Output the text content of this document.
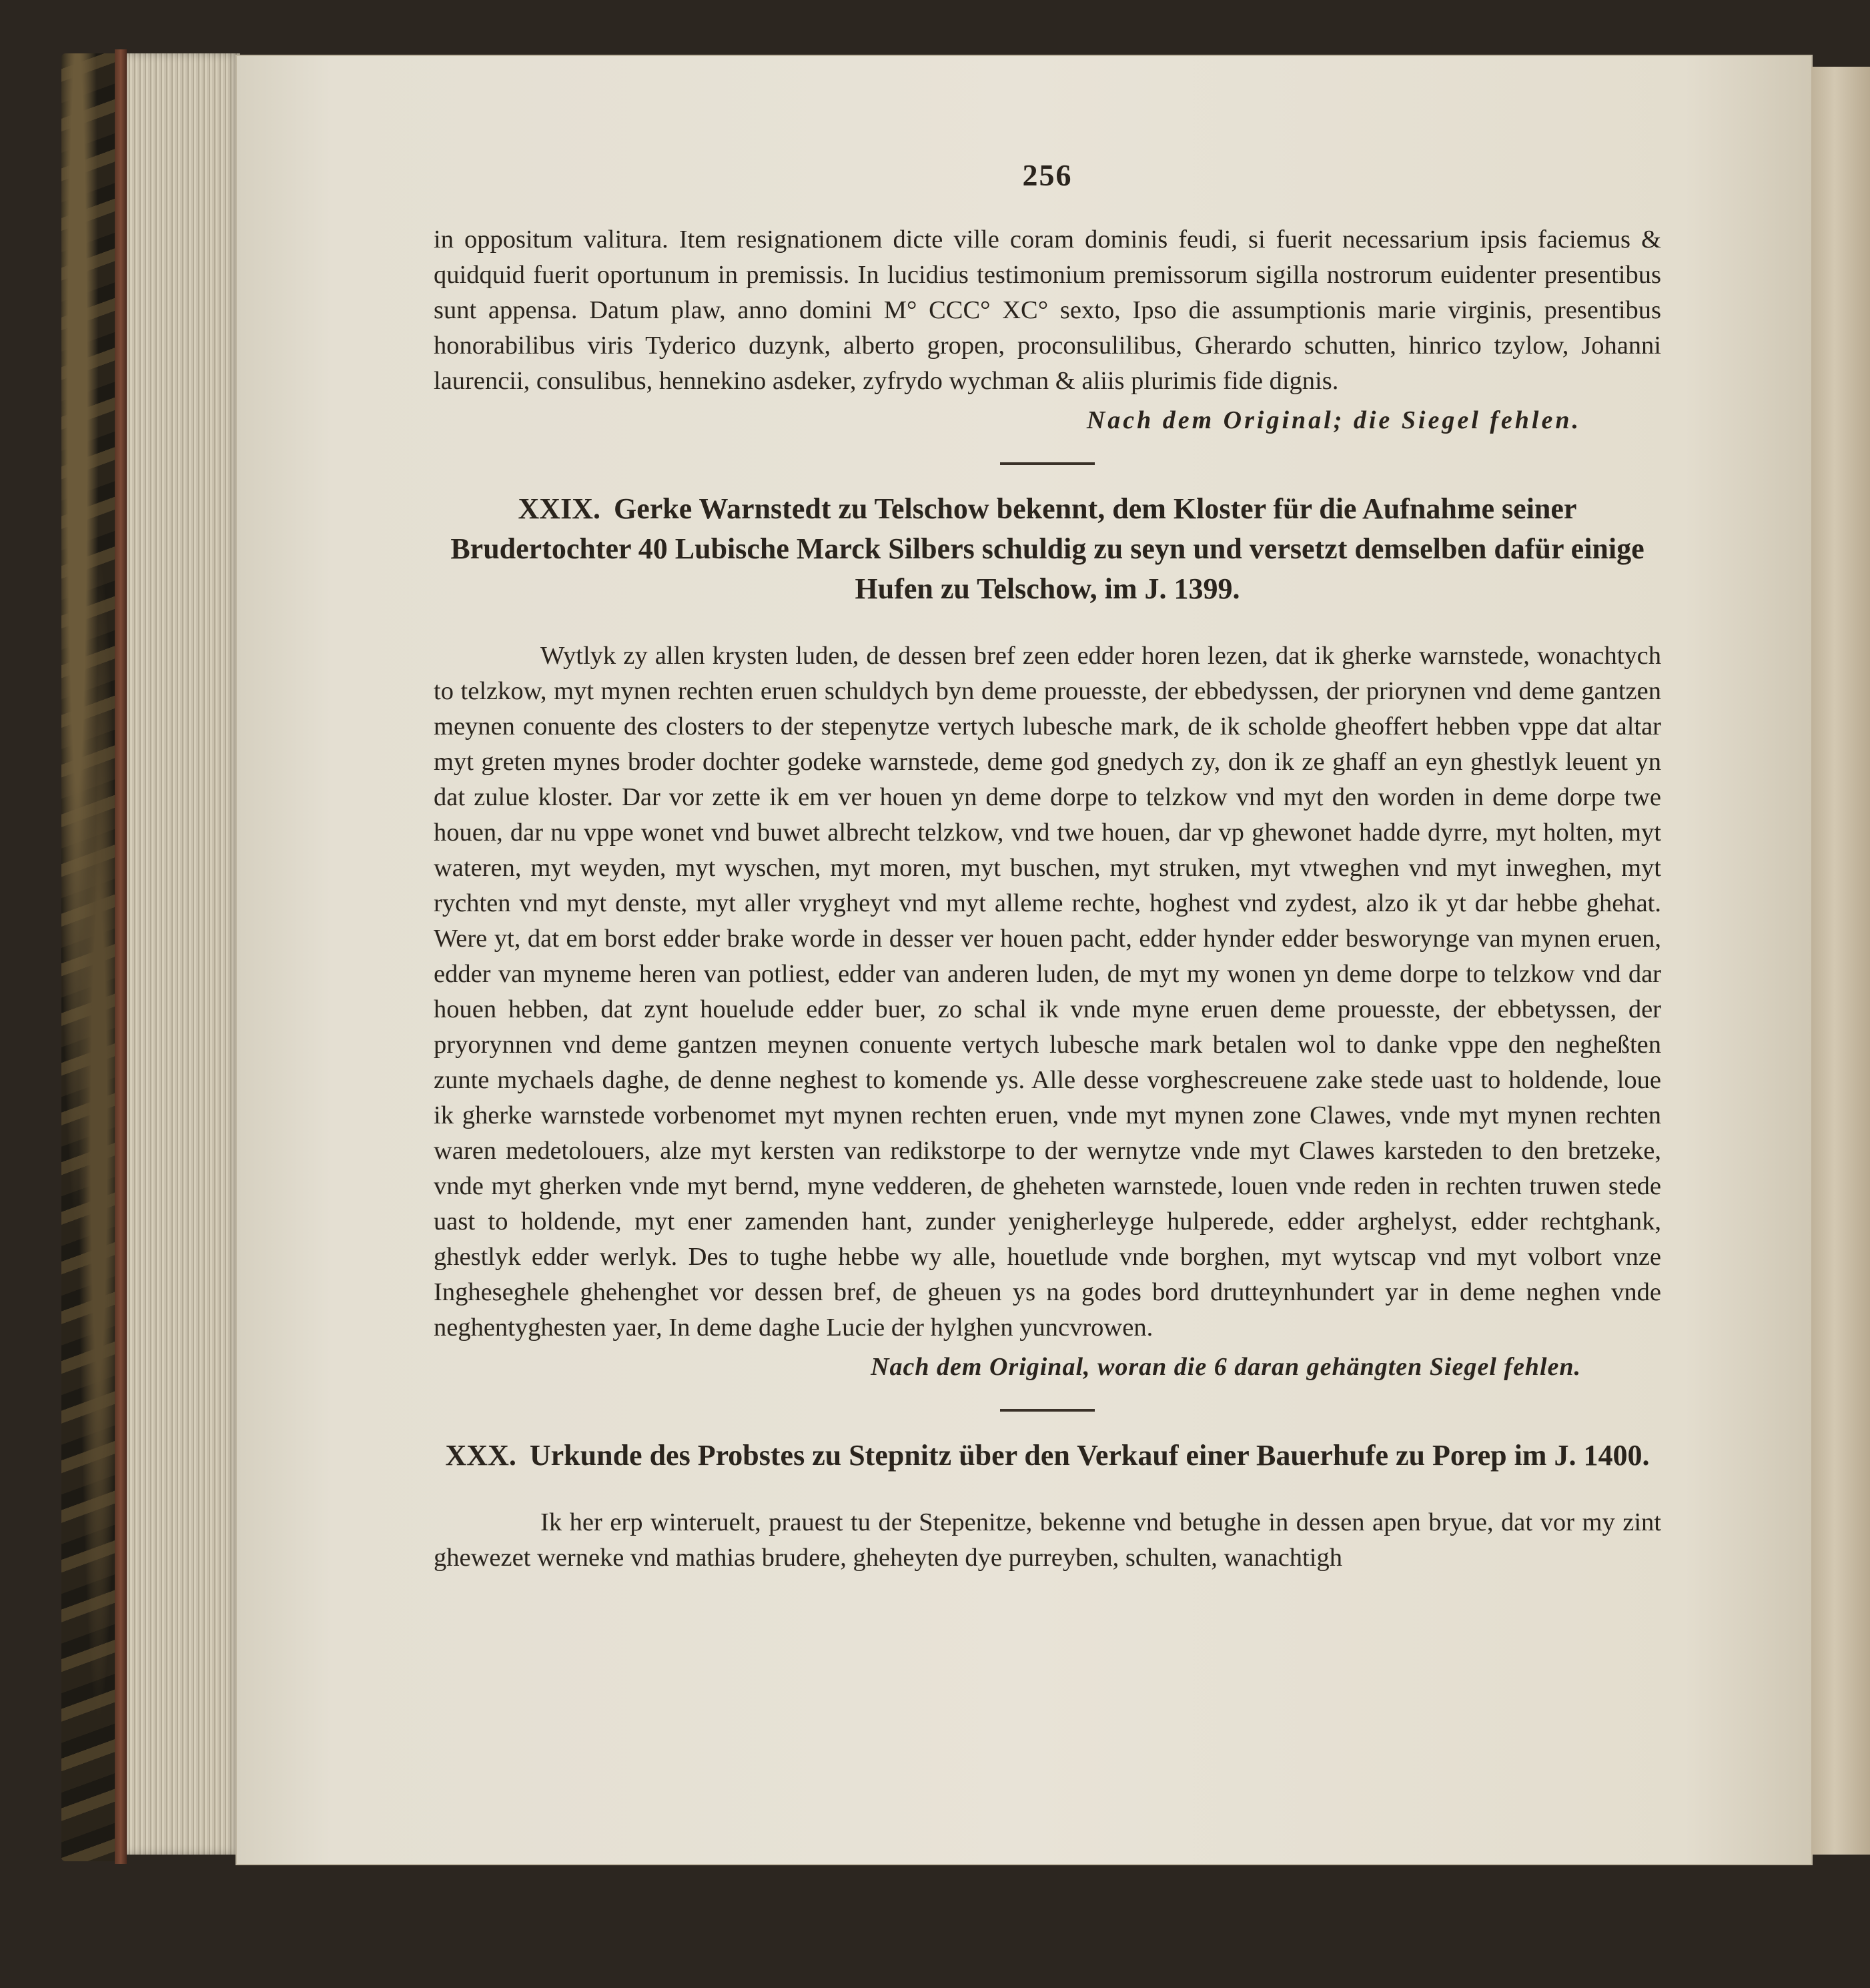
256

in oppositum valitura. Item resignationem dicte ville coram dominis feudi, si fuerit necessarium ipsis faciemus & quidquid fuerit oportunum in premissis. In lucidius testimonium premissorum sigilla nostrorum euidenter presentibus sunt appensa. Datum plaw, anno domini M° CCC° XC° sexto, Ipso die assumptionis marie virginis, presentibus honorabilibus viris Tyderico duzynk, alberto gropen, proconsulilibus, Gherardo schutten, hinrico tzylow, Johanni laurencii, consulibus, hennekino asdeker, zyfrydo wychman & aliis plurimis fide dignis.

Nach dem Original; die Siegel fehlen.
XXIX. Gerke Warnstedt zu Telschow bekennt, dem Kloster für die Aufnahme seiner Brudertochter 40 Lubische Marck Silbers schuldig zu seyn und versetzt demselben dafür einige Hufen zu Telschow, im J. 1399.

Wytlyk zy allen krysten luden, de dessen bref zeen edder horen lezen, dat ik gherke warnstede, wonachtych to telzkow, myt mynen rechten eruen schuldych byn deme prouesste, der ebbedyssen, der priorynen vnd deme gantzen meynen conuente des closters to der stepenytze vertych lubesche mark, de ik scholde gheoffert hebben vppe dat altar myt greten mynes broder dochter godeke warnstede, deme god gnedych zy, don ik ze ghaff an eyn ghestlyk leuent yn dat zulue kloster. Dar vor zette ik em ver houen yn deme dorpe to telzkow vnd myt den worden in deme dorpe twe houen, dar nu vppe wonet vnd buwet albrecht telzkow, vnd twe houen, dar vp ghewonet hadde dyrre, myt holten, myt wateren, myt weyden, myt wyschen, myt moren, myt buschen, myt struken, myt vtweghen vnd myt inweghen, myt rychten vnd myt denste, myt aller vrygheyt vnd myt alleme rechte, hoghest vnd zydest, alzo ik yt dar hebbe ghehat. Were yt, dat em borst edder brake worde in desser ver houen pacht, edder hynder edder besworynge van mynen eruen, edder van myneme heren van potliest, edder van anderen luden, de myt my wonen yn deme dorpe to telzkow vnd dar houen hebben, dat zynt houelude edder buer, zo schal ik vnde myne eruen deme prouesste, der ebbetyssen, der pryorynnen vnd deme gantzen meynen conuente vertych lubesche mark betalen wol to danke vppe den negheßten zunte mychaels daghe, de denne neghest to komende ys. Alle desse vorghescreuene zake stede uast to holdende, loue ik gherke warnstede vorbenomet myt mynen rechten eruen, vnde myt mynen zone Clawes, vnde myt mynen rechten waren medetolouers, alze myt kersten van redikstorpe to der wernytze vnde myt Clawes karsteden to den bretzeke, vnde myt gherken vnde myt bernd, myne vedderen, de gheheten warnstede, louen vnde reden in rechten truwen stede uast to holdende, myt ener zamenden hant, zunder yenigherleyge hulperede, edder arghelyst, edder rechtghank, ghestlyk edder werlyk. Des to tughe hebbe wy alle, houetlude vnde borghen, myt wytscap vnd myt volbort vnze Ingheseghele ghehenghet vor dessen bref, de gheuen ys na godes bord drutteynhundert yar in deme neghen vnde neghentyghesten yaer, In deme daghe Lucie der hylghen yuncvrowen.

Nach dem Original, woran die 6 daran gehängten Siegel fehlen.
XXX. Urkunde des Probstes zu Stepnitz über den Verkauf einer Bauerhufe zu Porep im J. 1400.

Ik her erp winteruelt, prauest tu der Stepenitze, bekenne vnd betughe in dessen apen bryue, dat vor my zint ghewezet werneke vnd mathias brudere, gheheyten dye purreyben, schulten, wanachtigh
